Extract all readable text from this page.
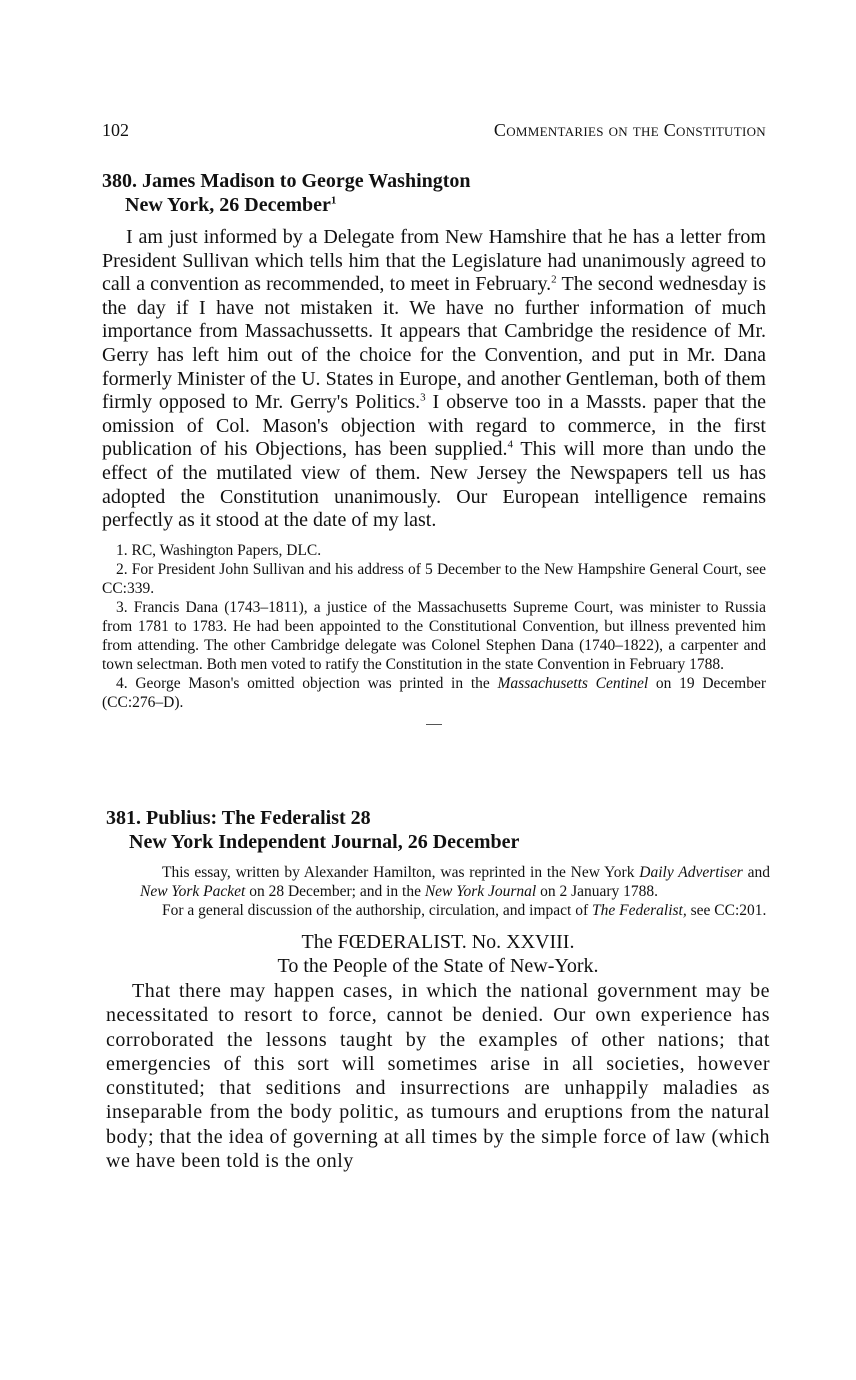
102	Commentaries on the Constitution
380. James Madison to George Washington
New York, 26 December$^1$

I am just informed by a Delegate from New Hamshire that he has a letter from President Sullivan which tells him that the Legislature had unanimously agreed to call a convention as recommended, to meet in February.$^2$ The second wednesday is the day if I have not mistaken it. We have no further information of much importance from Massachussetts. It appears that Cambridge the residence of Mr. Gerry has left him out of the choice for the Convention, and put in Mr. Dana formerly Minister of the U. States in Europe, and another Gentleman, both of them firmly opposed to Mr. Gerry's Politics.$^3$ I observe too in a Massts. paper that the omission of Col. Mason's objection with regard to commerce, in the first publication of his Objections, has been supplied.$^4$ This will more than undo the effect of the mutilated view of them. New Jersey the Newspapers tell us has adopted the Constitution unanimously. Our European intelligence remains perfectly as it stood at the date of my last.

1. RC, Washington Papers, DLC.

2. For President John Sullivan and his address of 5 December to the New Hampshire General Court, see CC:339.

3. Francis Dana (1743–1811), a justice of the Massachusetts Supreme Court, was minister to Russia from 1781 to 1783. He had been appointed to the Constitutional Convention, but illness prevented him from attending. The other Cambridge delegate was Colonel Stephen Dana (1740–1822), a carpenter and town selectman. Both men voted to ratify the Constitution in the state Convention in February 1788.

4. George Mason's omitted objection was printed in the Massachusetts Centinel on 19 December (CC:276–D).

381. Publius: The Federalist 28
New York Independent Journal, 26 December

This essay, written by Alexander Hamilton, was reprinted in the New York Daily Advertiser and New York Packet on 28 December; and in the New York Journal on 2 January 1788.

For a general discussion of the authorship, circulation, and impact of The Federalist, see CC:201.

The FŒDERALIST. No. XXVIII.
To the People of the State of New-York.

That there may happen cases, in which the national government may be necessitated to resort to force, cannot be denied. Our own experience has corroborated the lessons taught by the examples of other nations; that emergencies of this sort will sometimes arise in all societies, however constituted; that seditions and insurrections are unhappily maladies as inseparable from the body politic, as tumours and eruptions from the natural body; that the idea of governing at all times by the simple force of law (which we have been told is the only
